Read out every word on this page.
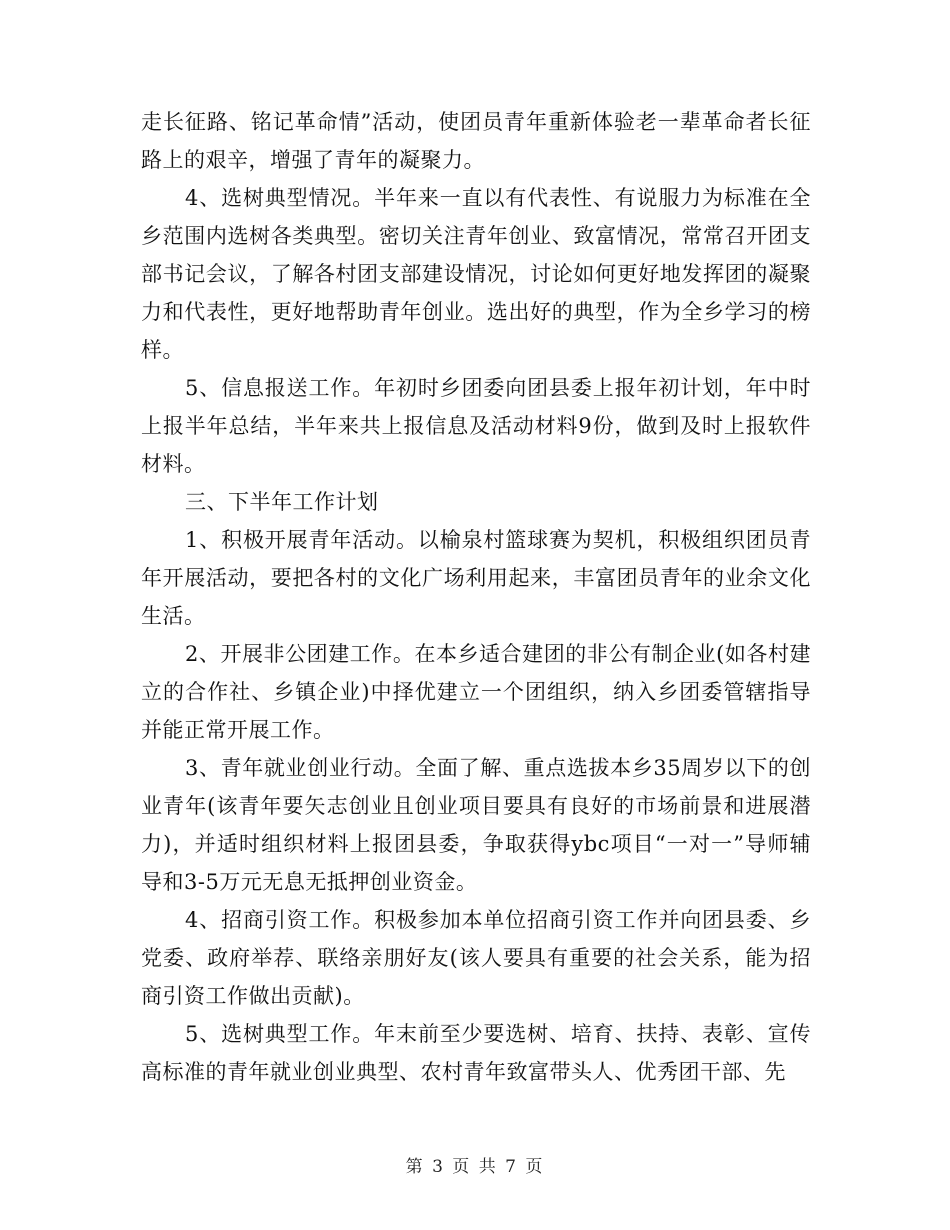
走长征路、铭记革命情”活动，使团员青年重新体验老一辈革命者长征路上的艰辛，增强了青年的凝聚力。

4、选树典型情况。半年来一直以有代表性、有说服力为标准在全乡范围内选树各类典型。密切关注青年创业、致富情况，常常召开团支部书记会议，了解各村团支部建设情况，讨论如何更好地发挥团的凝聚力和代表性，更好地帮助青年创业。选出好的典型，作为全乡学习的榜样。

5、信息报送工作。年初时乡团委向团县委上报年初计划，年中时上报半年总结，半年来共上报信息及活动材料9份，做到及时上报软件材料。

三、下半年工作计划

1、积极开展青年活动。以榆泉村篮球赛为契机，积极组织团员青年开展活动，要把各村的文化广场利用起来，丰富团员青年的业余文化生活。

2、开展非公团建工作。在本乡适合建团的非公有制企业(如各村建立的合作社、乡镇企业)中择优建立一个团组织，纳入乡团委管辖指导并能正常开展工作。

3、青年就业创业行动。全面了解、重点选拔本乡35周岁以下的创业青年(该青年要矢志创业且创业项目要具有良好的市场前景和进展潜力)，并适时组织材料上报团县委，争取获得ybc项目“一对一”导师辅导和3-5万元无息无抵押创业资金。

4、招商引资工作。积极参加本单位招商引资工作并向团县委、乡党委、政府举荐、联络亲朋好友(该人要具有重要的社会关系，能为招商引资工作做出贡献)。

5、选树典型工作。年末前至少要选树、培育、扶持、表彰、宣传高标准的青年就业创业典型、农村青年致富带头人、优秀团干部、先

第 3 页 共 7 页
